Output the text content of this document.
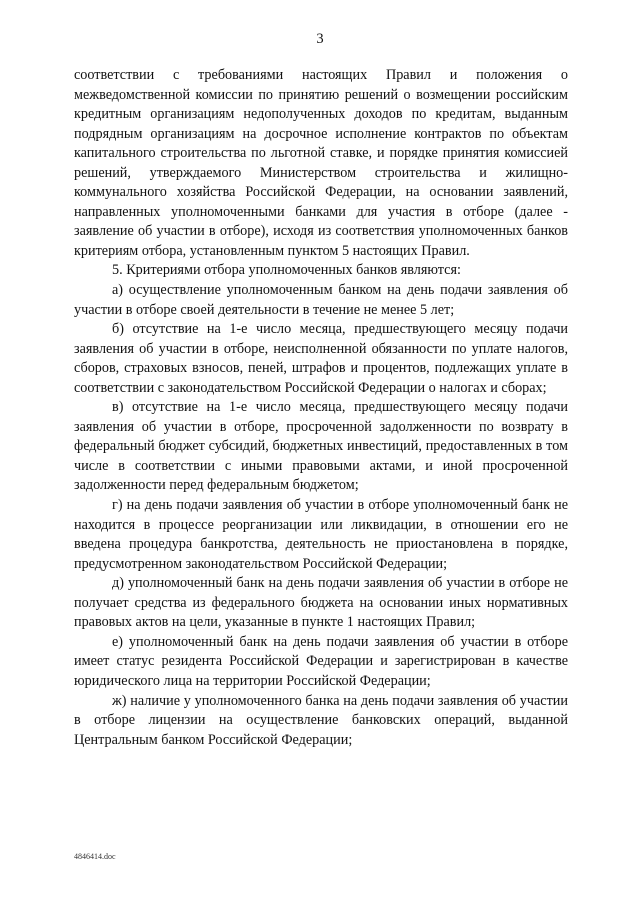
3

соответствии с требованиями настоящих Правил и положения о межведомственной комиссии по принятию решений о возмещении российским кредитным организациям недополученных доходов по кредитам, выданным подрядным организациям на досрочное исполнение контрактов по объектам капитального строительства по льготной ставке, и порядке принятия комиссией решений, утверждаемого Министерством строительства и жилищно-коммунального хозяйства Российской Федерации, на основании заявлений, направленных уполномоченными банками для участия в отборе (далее - заявление об участии в отборе), исходя из соответствия уполномоченных банков критериям отбора, установленным пунктом 5 настоящих Правил.

5. Критериями отбора уполномоченных банков являются:

а) осуществление уполномоченным банком на день подачи заявления об участии в отборе своей деятельности в течение не менее 5 лет;

б) отсутствие на 1-е число месяца, предшествующего месяцу подачи заявления об участии в отборе, неисполненной обязанности по уплате налогов, сборов, страховых взносов, пеней, штрафов и процентов, подлежащих уплате в соответствии с законодательством Российской Федерации о налогах и сборах;

в) отсутствие на 1-е число месяца, предшествующего месяцу подачи заявления об участии в отборе, просроченной задолженности по возврату в федеральный бюджет субсидий, бюджетных инвестиций, предоставленных в том числе в соответствии с иными правовыми актами, и иной просроченной задолженности перед федеральным бюджетом;

г) на день подачи заявления об участии в отборе уполномоченный банк не находится в процессе реорганизации или ликвидации, в отношении его не введена процедура банкротства, деятельность не приостановлена в порядке, предусмотренном законодательством Российской Федерации;

д) уполномоченный банк на день подачи заявления об участии в отборе не получает средства из федерального бюджета на основании иных нормативных правовых актов на цели, указанные в пункте 1 настоящих Правил;

е) уполномоченный банк на день подачи заявления об участии в отборе имеет статус резидента Российской Федерации и зарегистрирован в качестве юридического лица на территории Российской Федерации;

ж) наличие у уполномоченного банка на день подачи заявления об участии в отборе лицензии на осуществление банковских операций, выданной Центральным банком Российской Федерации;

4846414.doc
